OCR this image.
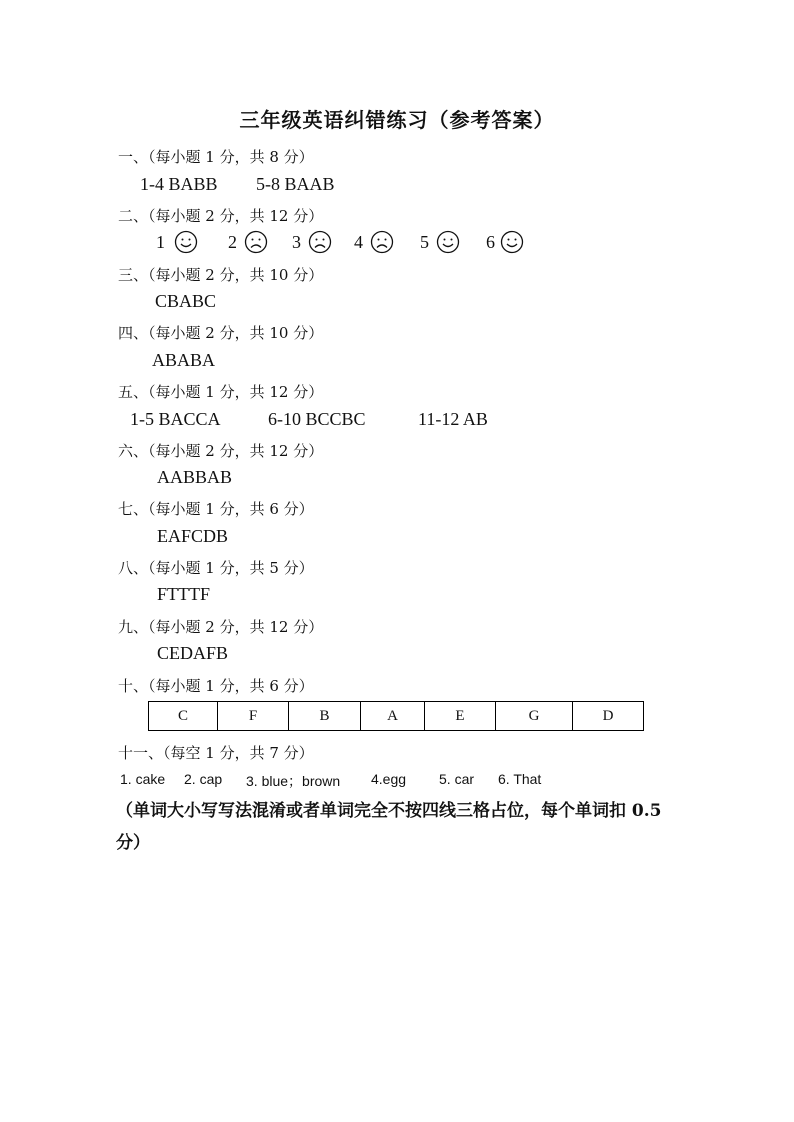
三年级英语纠错练习（参考答案）
一、（每小题 1 分，共 8 分）
1-4 BABB 5-8 BAAB
二、（每小题 2 分，共 12 分）
1	2	3	4	5	6
三、（每小题 2 分，共 10 分）
CBABC
四、（每小题 2 分，共 10 分）
ABABA
五、（每小题 1 分，共 12 分）
1-5 BACCA	6-10 BCCBC	11-12 AB
六、（每小题 2 分，共 12 分）
AABBAB
七、（每小题 1 分，共 6 分）
EAFCDB
八、（每小题 1 分，共 5 分）
FTTTF
九、（每小题 2 分，共 12 分）
CEDAFB
十、（每小题 1 分，共 6 分）
C	F	B	A	E	G	D
十一、（每空 1 分，共 7 分）
1. cake 2. cap 3. blue；brown 4.egg 5. car 6. That
（单词大小写写法混淆或者单词完全不按四线三格占位，每个单词扣 0.5 分）
